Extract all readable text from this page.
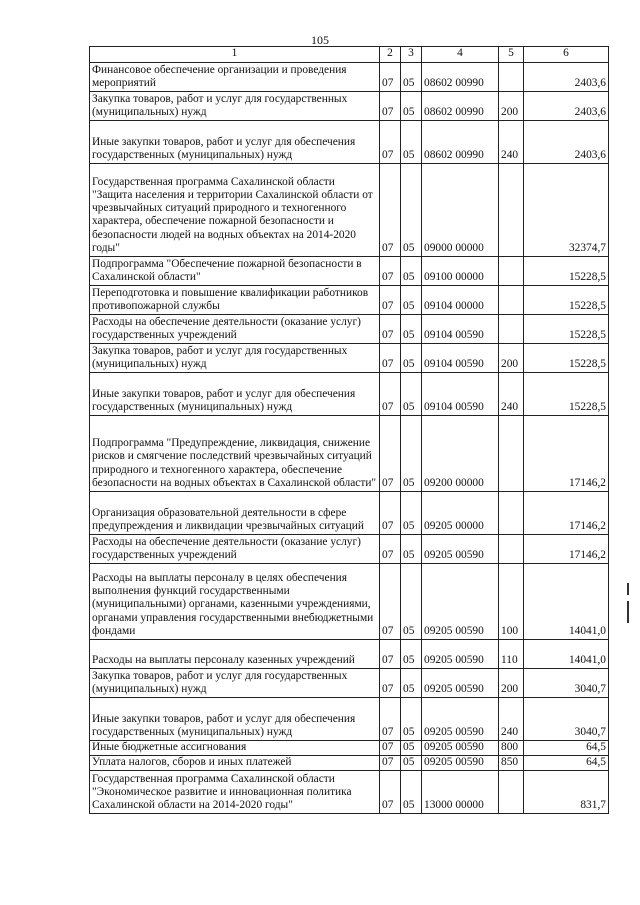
105
1	2	3	4	5	6
Финансовое обеспечение организации и проведения мероприятий	07	05	08602 00990		2403,6
Закупка товаров, работ и услуг для государственных (муниципальных) нужд	07	05	08602 00990	200	2403,6
Иные закупки товаров, работ и услуг для обеспечения государственных (муниципальных) нужд	07	05	08602 00990	240	2403,6
Государственная программа Сахалинской области "Защита населения и территории Сахалинской области от чрезвычайных ситуаций природного и техногенного характера, обеспечение пожарной безопасности и безопасности людей на водных объектах на 2014-2020 годы"	07	05	09000 00000		32374,7
Подпрограмма "Обеспечение пожарной безопасности в Сахалинской области"	07	05	09100 00000		15228,5
Переподготовка и повышение квалификации работников противопожарной службы	07	05	09104 00000		15228,5
Расходы на обеспечение деятельности (оказание услуг) государственных учреждений	07	05	09104 00590		15228,5
Закупка товаров, работ и услуг для государственных (муниципальных) нужд	07	05	09104 00590	200	15228,5
Иные закупки товаров, работ и услуг для обеспечения государственных (муниципальных) нужд	07	05	09104 00590	240	15228,5
Подпрограмма "Предупреждение, ликвидация, снижение рисков и смягчение последствий чрезвычайных ситуаций природного и техногенного характера, обеспечение безопасности на водных объектах в Сахалинской области"	07	05	09200 00000		17146,2
Организация образовательной деятельности в сфере предупреждения и ликвидации чрезвычайных ситуаций	07	05	09205 00000		17146,2
Расходы на обеспечение деятельности (оказание услуг) государственных учреждений	07	05	09205 00590		17146,2
Расходы на выплаты персоналу в целях обеспечения выполнения функций государственными (муниципальными) органами, казенными учреждениями, органами управления государственными внебюджетными фондами	07	05	09205 00590	100	14041,0
Расходы на выплаты персоналу казенных учреждений	07	05	09205 00590	110	14041,0
Закупка товаров, работ и услуг для государственных (муниципальных) нужд	07	05	09205 00590	200	3040,7
Иные закупки товаров, работ и услуг для обеспечения государственных (муниципальных) нужд	07	05	09205 00590	240	3040,7
Иные бюджетные ассигнования	07	05	09205 00590	800	64,5
Уплата налогов, сборов и иных платежей	07	05	09205 00590	850	64,5
Государственная программа Сахалинской области "Экономическое развитие и инновационная политика Сахалинской области на 2014-2020 годы"	07	05	13000 00000		831,7
